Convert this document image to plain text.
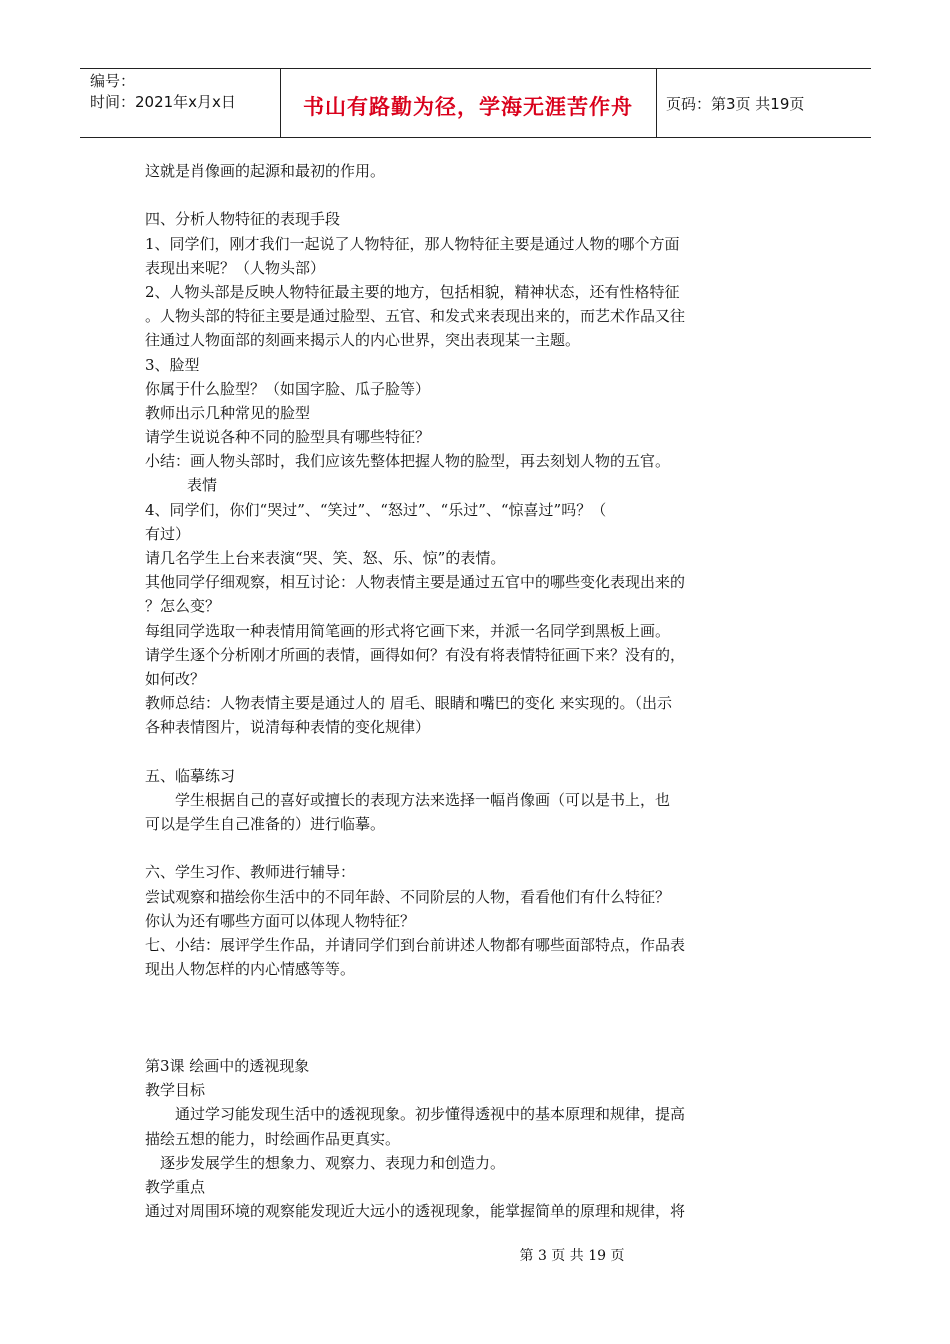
编号：
时间：2021年x月x日	书山有路勤为径，学海无涯苦作舟	页码：第3页 共19页
这就是肖像画的起源和最初的作用。
四、分析人物特征的表现手段
1、同学们，刚才我们一起说了人物特征，那人物特征主要是通过人物的哪个方面
表现出来呢？（人物头部）
2、人物头部是反映人物特征最主要的地方，包括相貌，精神状态，还有性格特征
。人物头部的特征主要是通过脸型、五官、和发式来表现出来的，而艺术作品又往
往通过人物面部的刻画来揭示人的内心世界，突出表现某一主题。
3、脸型
你属于什么脸型？（如国字脸、瓜子脸等）
教师出示几种常见的脸型
请学生说说各种不同的脸型具有哪些特征？
小结：画人物头部时，我们应该先整体把握人物的脸型，再去刻划人物的五官。
表情
4、同学们，你们“哭过”、“笑过”、“怒过”、“乐过”、“惊喜过”吗？（
有过）
请几名学生上台来表演“哭、笑、怒、乐、惊”的表情。
其他同学仔细观察，相互讨论：人物表情主要是通过五官中的哪些变化表现出来的
？怎么变？
每组同学选取一种表情用简笔画的形式将它画下来，并派一名同学到黑板上画。
请学生逐个分析刚才所画的表情，画得如何？有没有将表情特征画下来？没有的，
如何改？
教师总结：人物表情主要是通过人的 眉毛、眼睛和嘴巴的变化 来实现的。（出示
各种表情图片，说清每种表情的变化规律）
五、临摹练习
学生根据自己的喜好或擅长的表现方法来选择一幅肖像画（可以是书上，也
可以是学生自己准备的）进行临摹。
六、学生习作、教师进行辅导：
尝试观察和描绘你生活中的不同年龄、不同阶层的人物，看看他们有什么特征？
你认为还有哪些方面可以体现人物特征？
七、小结：展评学生作品，并请同学们到台前讲述人物都有哪些面部特点，作品表
现出人物怎样的内心情感等等。
第3课 绘画中的透视现象
教学目标
通过学习能发现生活中的透视现象。初步懂得透视中的基本原理和规律，提高
描绘五想的能力，时绘画作品更真实。
逐步发展学生的想象力、观察力、表现力和创造力。
教学重点
通过对周围环境的观察能发现近大远小的透视现象，能掌握简单的原理和规律，将
第 3 页 共 19 页
